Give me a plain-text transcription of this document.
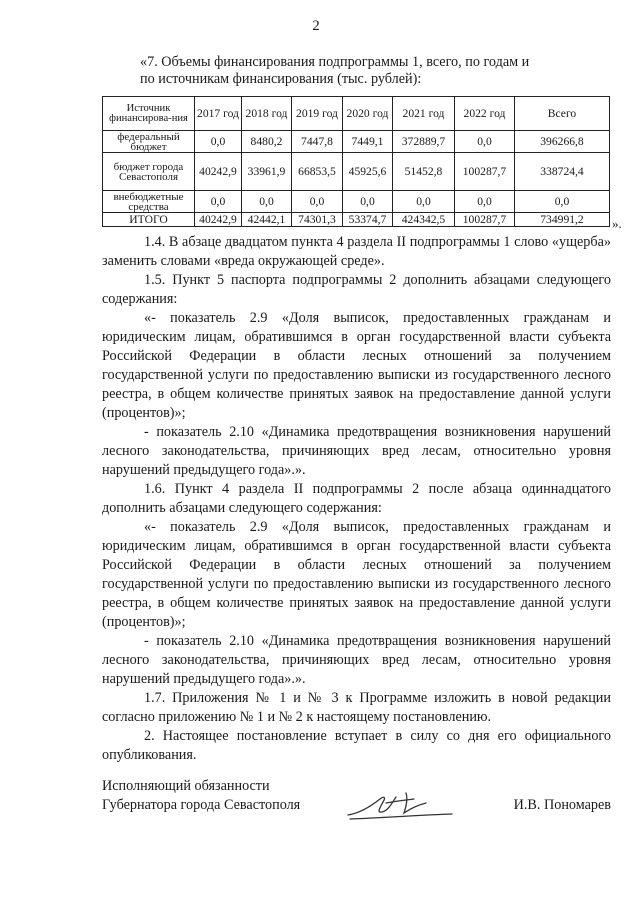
2
«7. Объемы финансирования подпрограммы 1, всего, по годам и
по источникам финансирования (тыс. рублей):
Источник финансирова-ния	2017 год	2018 год	2019 год	2020 год	2021 год	2022 год	Всего
федеральный бюджет	0,0	8480,2	7447,8	7449,1	372889,7	0,0	396266,8
бюджет города Севастополя	40242,9	33961,9	66853,5	45925,6	51452,8	100287,7	338724,4
внебюджетные средства	0,0	0,0	0,0	0,0	0,0	0,0	0,0
ИТОГО	40242,9	42442,1	74301,3	53374,7	424342,5	100287,7	734991,2 ».

1.4. В абзаце двадцатом пункта 4 раздела II подпрограммы 1 слово «ущерба» заменить словами «вреда окружающей среде».

1.5. Пункт 5 паспорта подпрограммы 2 дополнить абзацами следующего содержания:

«- показатель 2.9 «Доля выписок, предоставленных гражданам и юридическим лицам, обратившимся в орган государственной власти субъекта Российской Федерации в области лесных отношений за получением государственной услуги по предоставлению выписки из государственного лесного реестра, в общем количестве принятых заявок на предоставление данной услуги (процентов)»;

- показатель 2.10 «Динамика предотвращения возникновения нарушений лесного законодательства, причиняющих вред лесам, относительно уровня нарушений предыдущего года».».

1.6. Пункт 4 раздела II подпрограммы 2 после абзаца одиннадцатого дополнить абзацами следующего содержания:

«- показатель 2.9 «Доля выписок, предоставленных гражданам и юридическим лицам, обратившимся в орган государственной власти субъекта Российской Федерации в области лесных отношений за получением государственной услуги по предоставлению выписки из государственного лесного реестра, в общем количестве принятых заявок на предоставление данной услуги (процентов)»;

- показатель 2.10 «Динамика предотвращения возникновения нарушений лесного законодательства, причиняющих вред лесам, относительно уровня нарушений предыдущего года».».

1.7. Приложения № 1 и № 3 к Программе изложить в новой редакции согласно приложению № 1 и № 2 к настоящему постановлению.

2. Настоящее постановление вступает в силу со дня его официального опубликования.

Исполняющий обязанности
Губернатора города Севастополя	И.В. Пономарев
